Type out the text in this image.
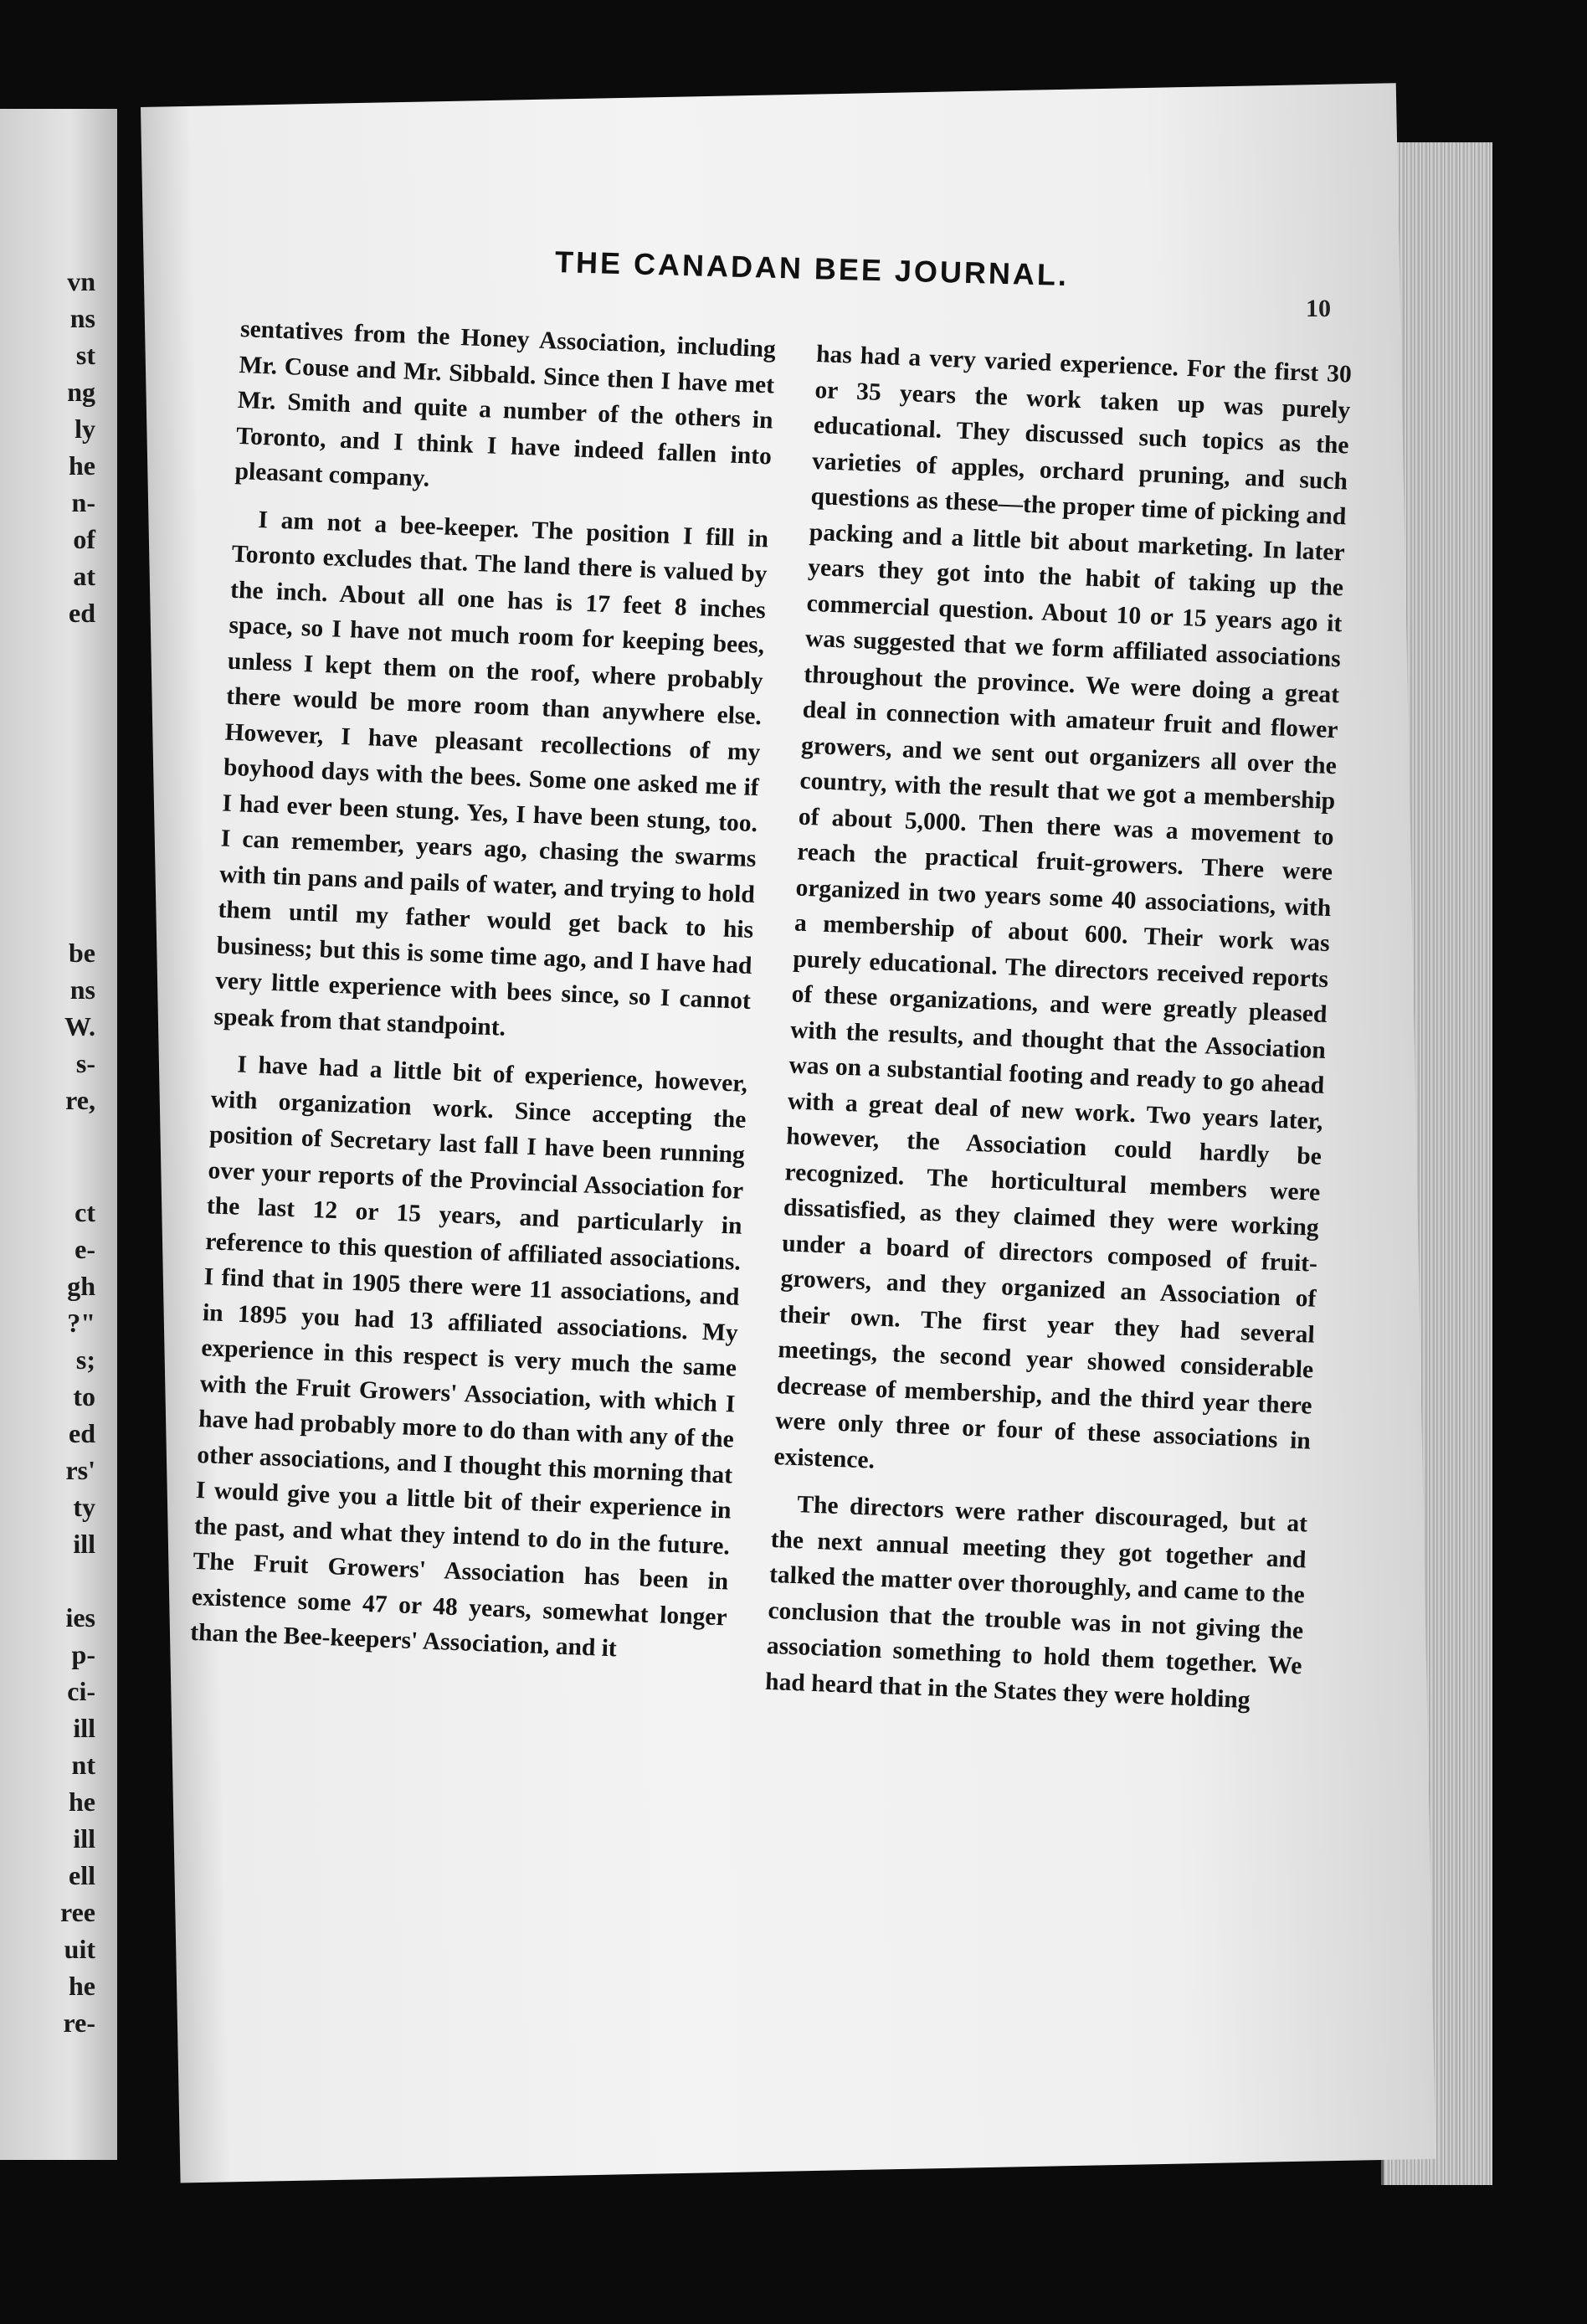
vn
ns
st
ng
ly
he
n-
of
at
ed
be
ns
W.
s-
re,
ct
e-
gh
?"
s;
to
ed
rs'
ty
ill
ies
p-
ci-
ill
nt
he
ill
ell
ree
uit
he
re-
THE CANADAN BEE JOURNAL.
10

sentatives from the Honey Association, including Mr. Couse and Mr. Sibbald. Since then I have met Mr. Smith and quite a number of the others in Toronto, and I think I have indeed fallen into pleasant company.

I am not a bee-keeper. The position I fill in Toronto excludes that. The land there is valued by the inch. About all one has is 17 feet 8 inches space, so I have not much room for keeping bees, unless I kept them on the roof, where probably there would be more room than anywhere else. However, I have pleasant recollections of my boyhood days with the bees. Some one asked me if I had ever been stung. Yes, I have been stung, too. I can remember, years ago, chasing the swarms with tin pans and pails of water, and trying to hold them until my father would get back to his business; but this is some time ago, and I have had very little experience with bees since, so I cannot speak from that standpoint.

I have had a little bit of experience, however, with organization work. Since accepting the position of Secretary last fall I have been running over your reports of the Provincial Association for the last 12 or 15 years, and particularly in reference to this question of affiliated associations. I find that in 1905 there were 11 associations, and in 1895 you had 13 affiliated associations. My experience in this respect is very much the same with the Fruit Growers' Association, with which I have had probably more to do than with any of the other associations, and I thought this morning that I would give you a little bit of their experience in the past, and what they intend to do in the future. The Fruit Growers' Association has been in existence some 47 or 48 years, somewhat longer than the Bee-keepers' Association, and it

has had a very varied experience. For the first 30 or 35 years the work taken up was purely educational. They discussed such topics as the varieties of apples, orchard pruning, and such questions as these—the proper time of picking and packing and a little bit about marketing. In later years they got into the habit of taking up the commercial question. About 10 or 15 years ago it was suggested that we form affiliated associations throughout the province. We were doing a great deal in connection with amateur fruit and flower growers, and we sent out organizers all over the country, with the result that we got a membership of about 5,000. Then there was a movement to reach the practical fruit-growers. There were organized in two years some 40 associations, with a membership of about 600. Their work was purely educational. The directors received reports of these organizations, and were greatly pleased with the results, and thought that the Association was on a substantial footing and ready to go ahead with a great deal of new work. Two years later, however, the Association could hardly be recognized. The horticultural members were dissatisfied, as they claimed they were working under a board of directors composed of fruit-growers, and they organized an Association of their own. The first year they had several meetings, the second year showed considerable decrease of membership, and the third year there were only three or four of these associations in existence.

The directors were rather discouraged, but at the next annual meeting they got together and talked the matter over thoroughly, and came to the conclusion that the trouble was in not giving the association something to hold them together. We had heard that in the States they were holding
